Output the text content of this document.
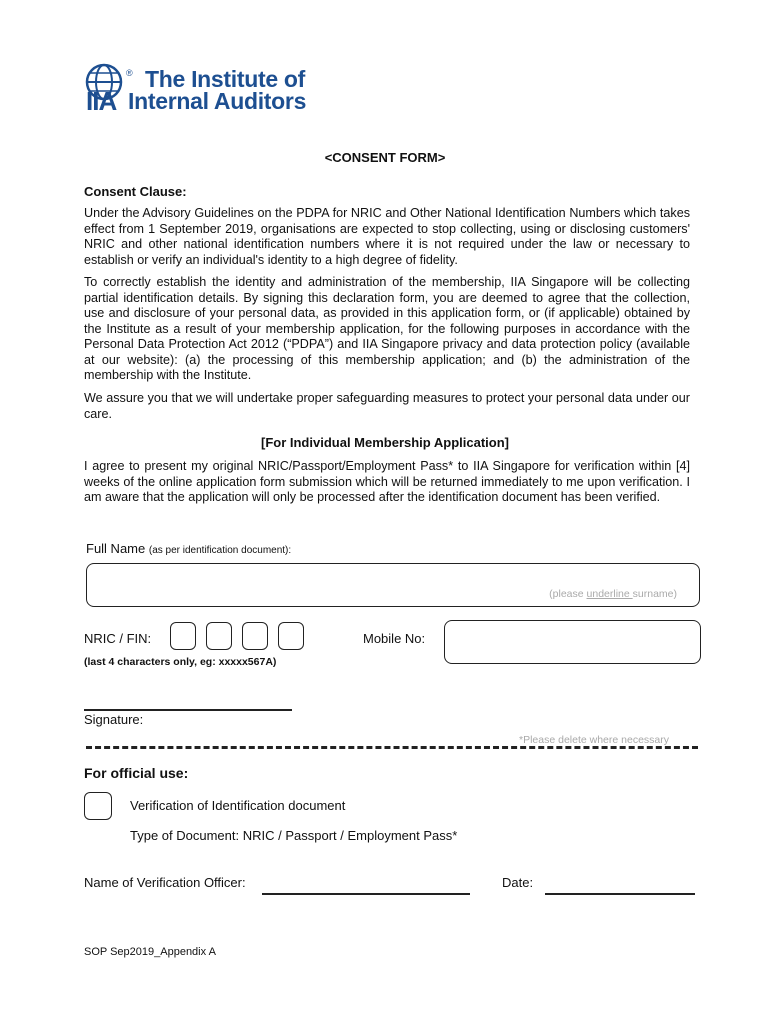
®
IIA
The Institute of
Internal Auditors
<CONSENT FORM>
Consent Clause:
Under the Advisory Guidelines on the PDPA for NRIC and Other National Identification Numbers which takes effect from 1 September 2019, organisations are expected to stop collecting, using or disclosing customers' NRIC and other national identification numbers where it is not required under the law or necessary to establish or verify an individual's identity to a high degree of fidelity.
To correctly establish the identity and administration of the membership, IIA Singapore will be collecting partial identification details. By signing this declaration form, you are deemed to agree that the collection, use and disclosure of your personal data, as provided in this application form, or (if applicable) obtained by the Institute as a result of your membership application, for the following purposes in accordance with the Personal Data Protection Act 2012 (“PDPA”) and IIA Singapore privacy and data protection policy (available at our website): (a) the processing of this membership application; and (b) the administration of the membership with the Institute.
We assure you that we will undertake proper safeguarding measures to protect your personal data under our care.
[For Individual Membership Application]
I agree to present my original NRIC/Passport/Employment Pass* to IIA Singapore for verification within [4] weeks of the online application form submission which will be returned immediately to me upon verification. I am aware that the application will only be processed after the identification document has been verified.
Full Name (as per identification document):
(please underline surname)
NRIC / FIN:
(last 4 characters only, eg: xxxxx567A)
Mobile No:
Signature:
*Please delete where necessary
For official use:
Verification of Identification document
Type of Document: NRIC / Passport / Employment Pass*
Name of Verification Officer:	Date:
SOP Sep2019_Appendix A
